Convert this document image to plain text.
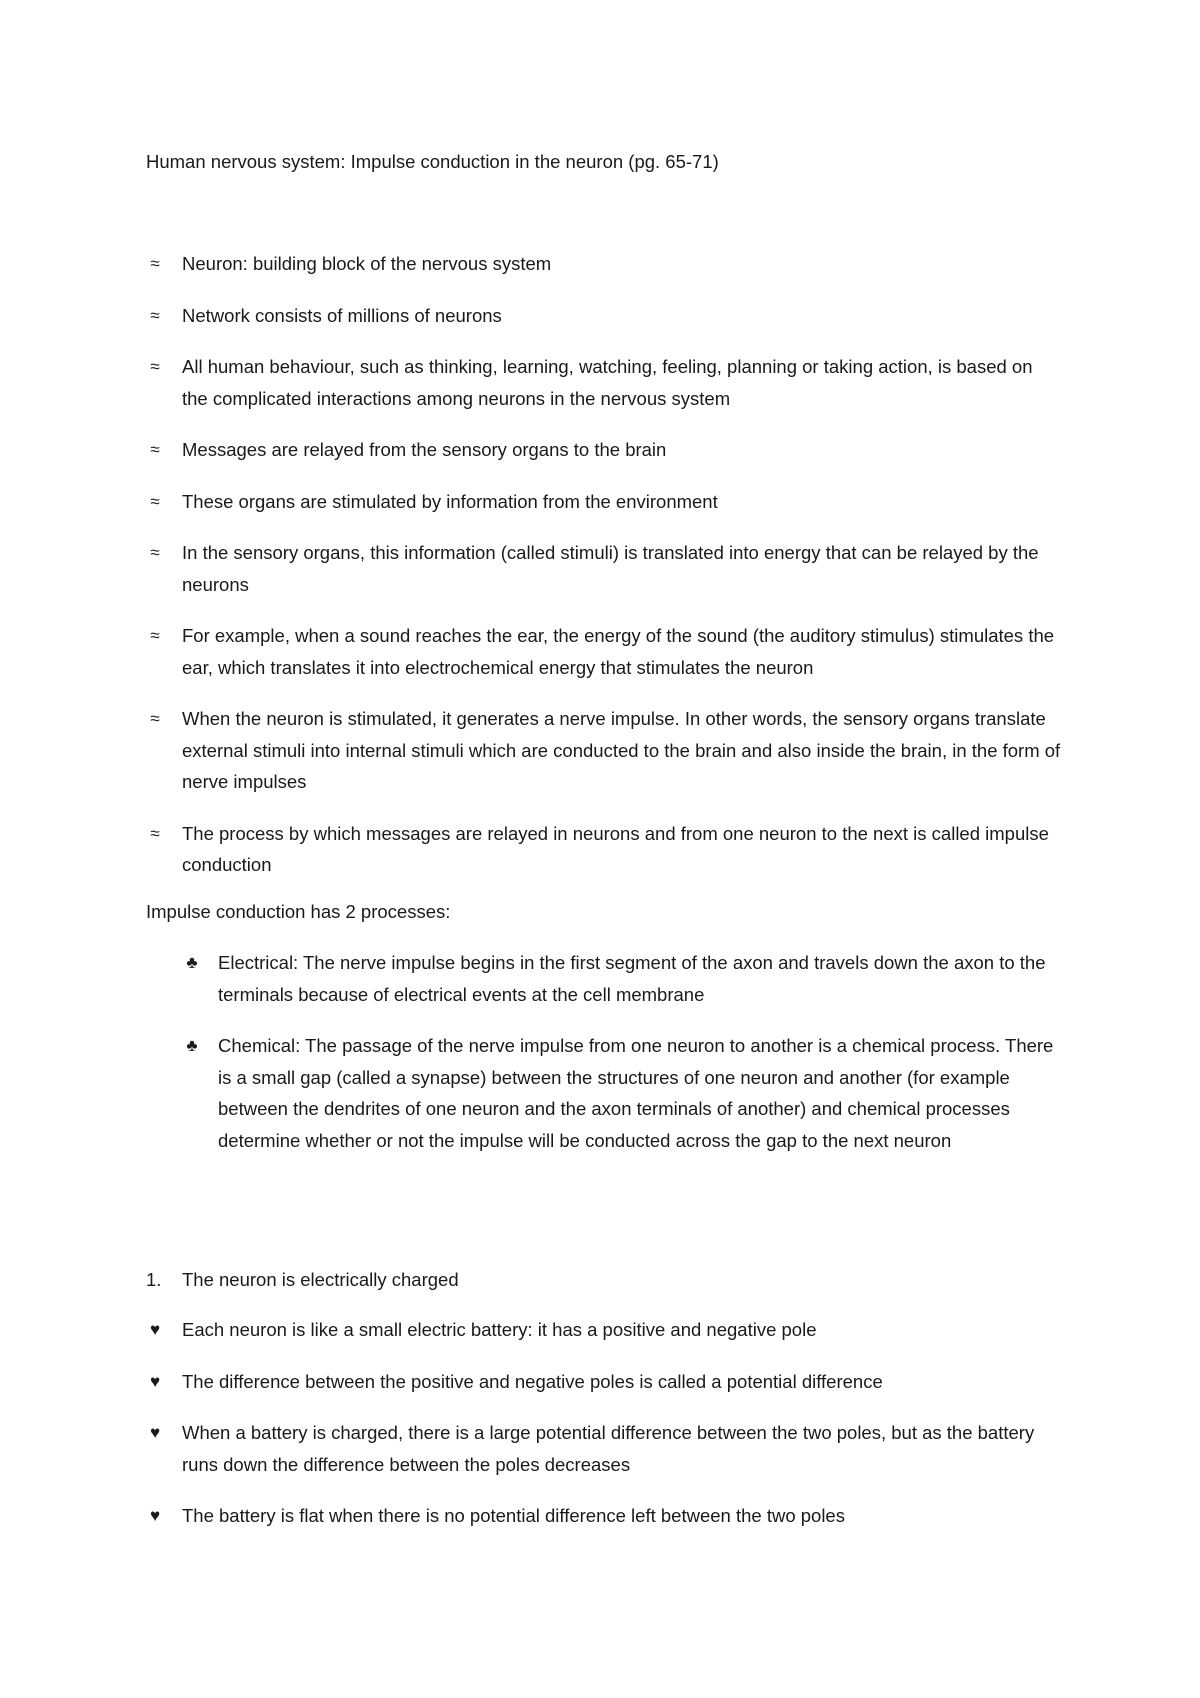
Human nervous system: Impulse conduction in the neuron (pg. 65-71)
≈	Neuron: building block of the nervous system
≈	Network consists of millions of neurons
≈	All human behaviour, such as thinking, learning, watching, feeling, planning or taking action, is based on the complicated interactions among neurons in the nervous system
≈	Messages are relayed from the sensory organs to the brain
≈	These organs are stimulated by information from the environment
≈	In the sensory organs, this information (called stimuli) is translated into energy that can be relayed by the neurons
≈	For example, when a sound reaches the ear, the energy of the sound (the auditory stimulus) stimulates the ear, which translates it into electrochemical energy that stimulates the neuron
≈	When the neuron is stimulated, it generates a nerve impulse. In other words, the sensory organs translate external stimuli into internal stimuli which are conducted to the brain and also inside the brain, in the form of nerve impulses
≈	The process by which messages are relayed in neurons and from one neuron to the next is called impulse conduction

Impulse conduction has 2 processes:

♣	Electrical: The nerve impulse begins in the first segment of the axon and travels down the axon to the terminals because of electrical events at the cell membrane
♣	Chemical: The passage of the nerve impulse from one neuron to another is a chemical process. There is a small gap (called a synapse) between the structures of one neuron and another (for example between the dendrites of one neuron and the axon terminals of another) and chemical processes determine whether or not the impulse will be conducted across the gap to the next neuron

1. The neuron is electrically charged

♥	Each neuron is like a small electric battery: it has a positive and negative pole
♥	The difference between the positive and negative poles is called a potential difference
♥	When a battery is charged, there is a large potential difference between the two poles, but as the battery runs down the difference between the poles decreases
♥	The battery is flat when there is no potential difference left between the two poles
